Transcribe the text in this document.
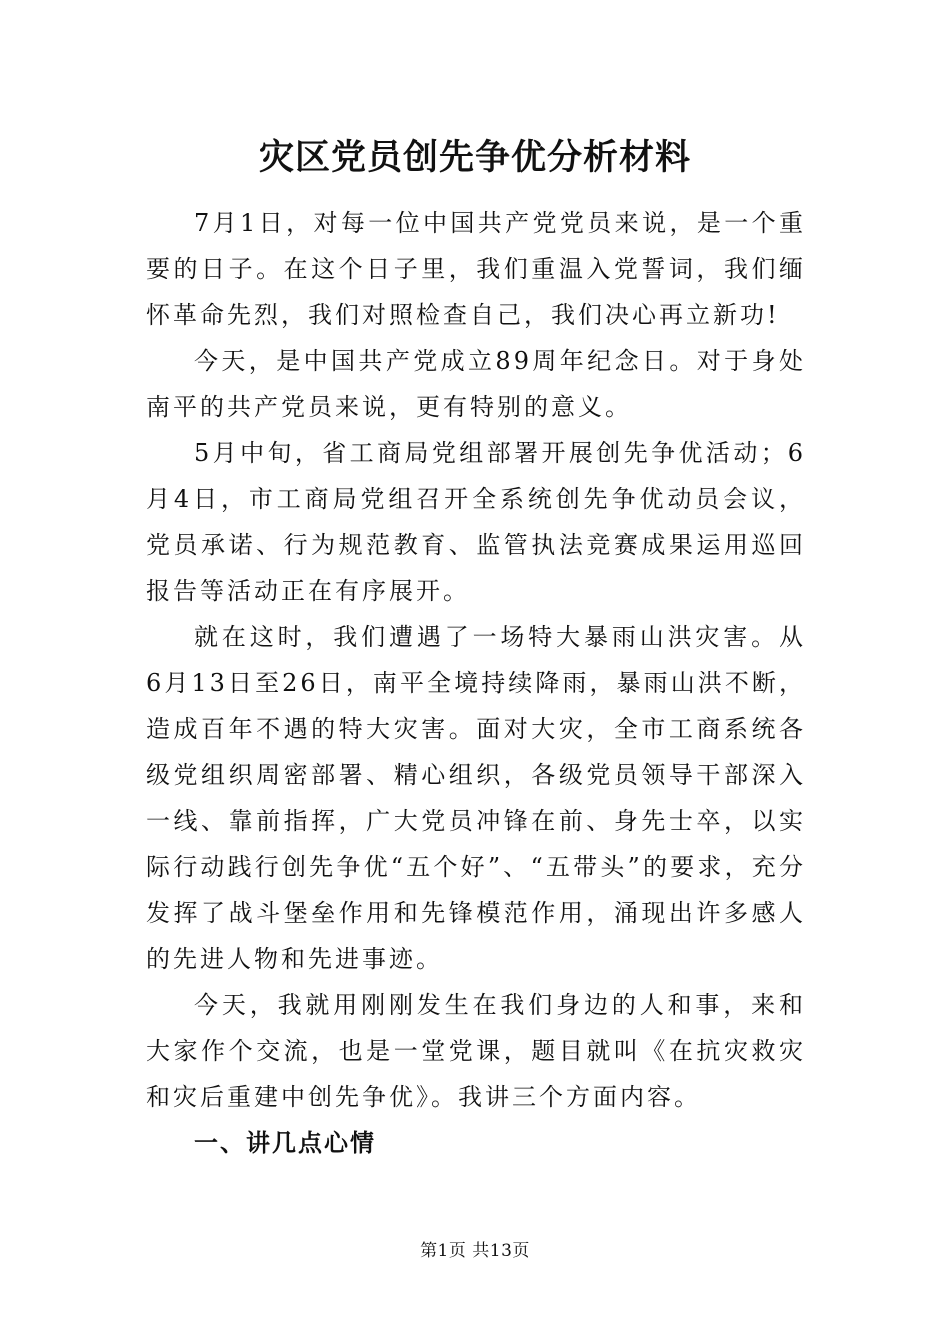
灾区党员创先争优分析材料

7月1日，对每一位中国共产党党员来说，是一个重要的日子。在这个日子里，我们重温入党誓词，我们缅怀革命先烈，我们对照检查自己，我们决心再立新功!

今天，是中国共产党成立89周年纪念日。对于身处南平的共产党员来说，更有特别的意义。

5月中旬，省工商局党组部署开展创先争优活动；6月4日，市工商局党组召开全系统创先争优动员会议，党员承诺、行为规范教育、监管执法竞赛成果运用巡回报告等活动正在有序展开。

就在这时，我们遭遇了一场特大暴雨山洪灾害。从6月13日至26日，南平全境持续降雨，暴雨山洪不断，造成百年不遇的特大灾害。面对大灾，全市工商系统各级党组织周密部署、精心组织，各级党员领导干部深入一线、靠前指挥，广大党员冲锋在前、身先士卒，以实际行动践行创先争优“五个好”、“五带头”的要求，充分发挥了战斗堡垒作用和先锋模范作用，涌现出许多感人的先进人物和先进事迹。

今天，我就用刚刚发生在我们身边的人和事，来和大家作个交流，也是一堂党课，题目就叫《在抗灾救灾和灾后重建中创先争优》。我讲三个方面内容。

一、讲几点心情

第1页 共13页
